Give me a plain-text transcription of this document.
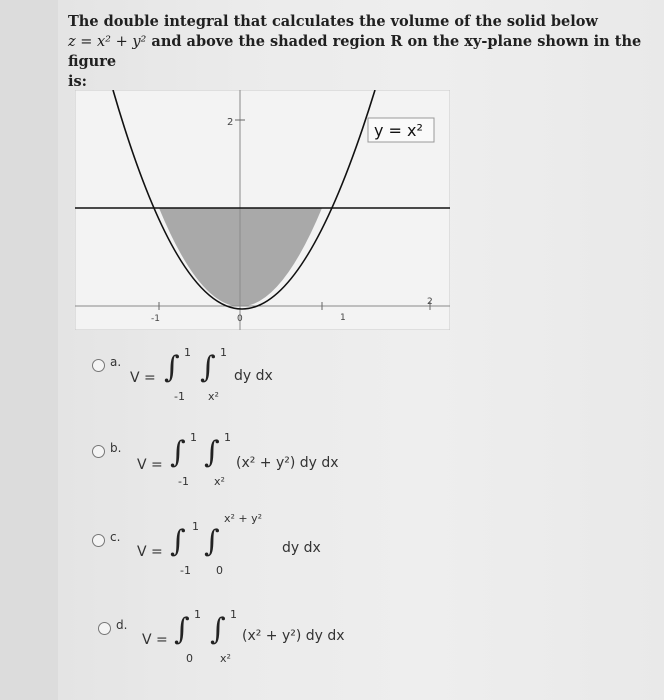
The double integral that calculates the volume of the solid below
z = x² + y² and above the shaded region R on the xy-plane shown in the figure
is:
2
-1	0	1
2
y = x²
a.
V = ∫ 1
-1
∫ 1
x²
dy dx
b.
V = ∫ 1
-1
∫ 1
x²
(x² + y²) dy dx
c.
V = ∫ 1
-1
∫
x² + y²
0
dy dx
d.
V = ∫ 1
0
∫ 1
x²
(x² + y²) dy dx
